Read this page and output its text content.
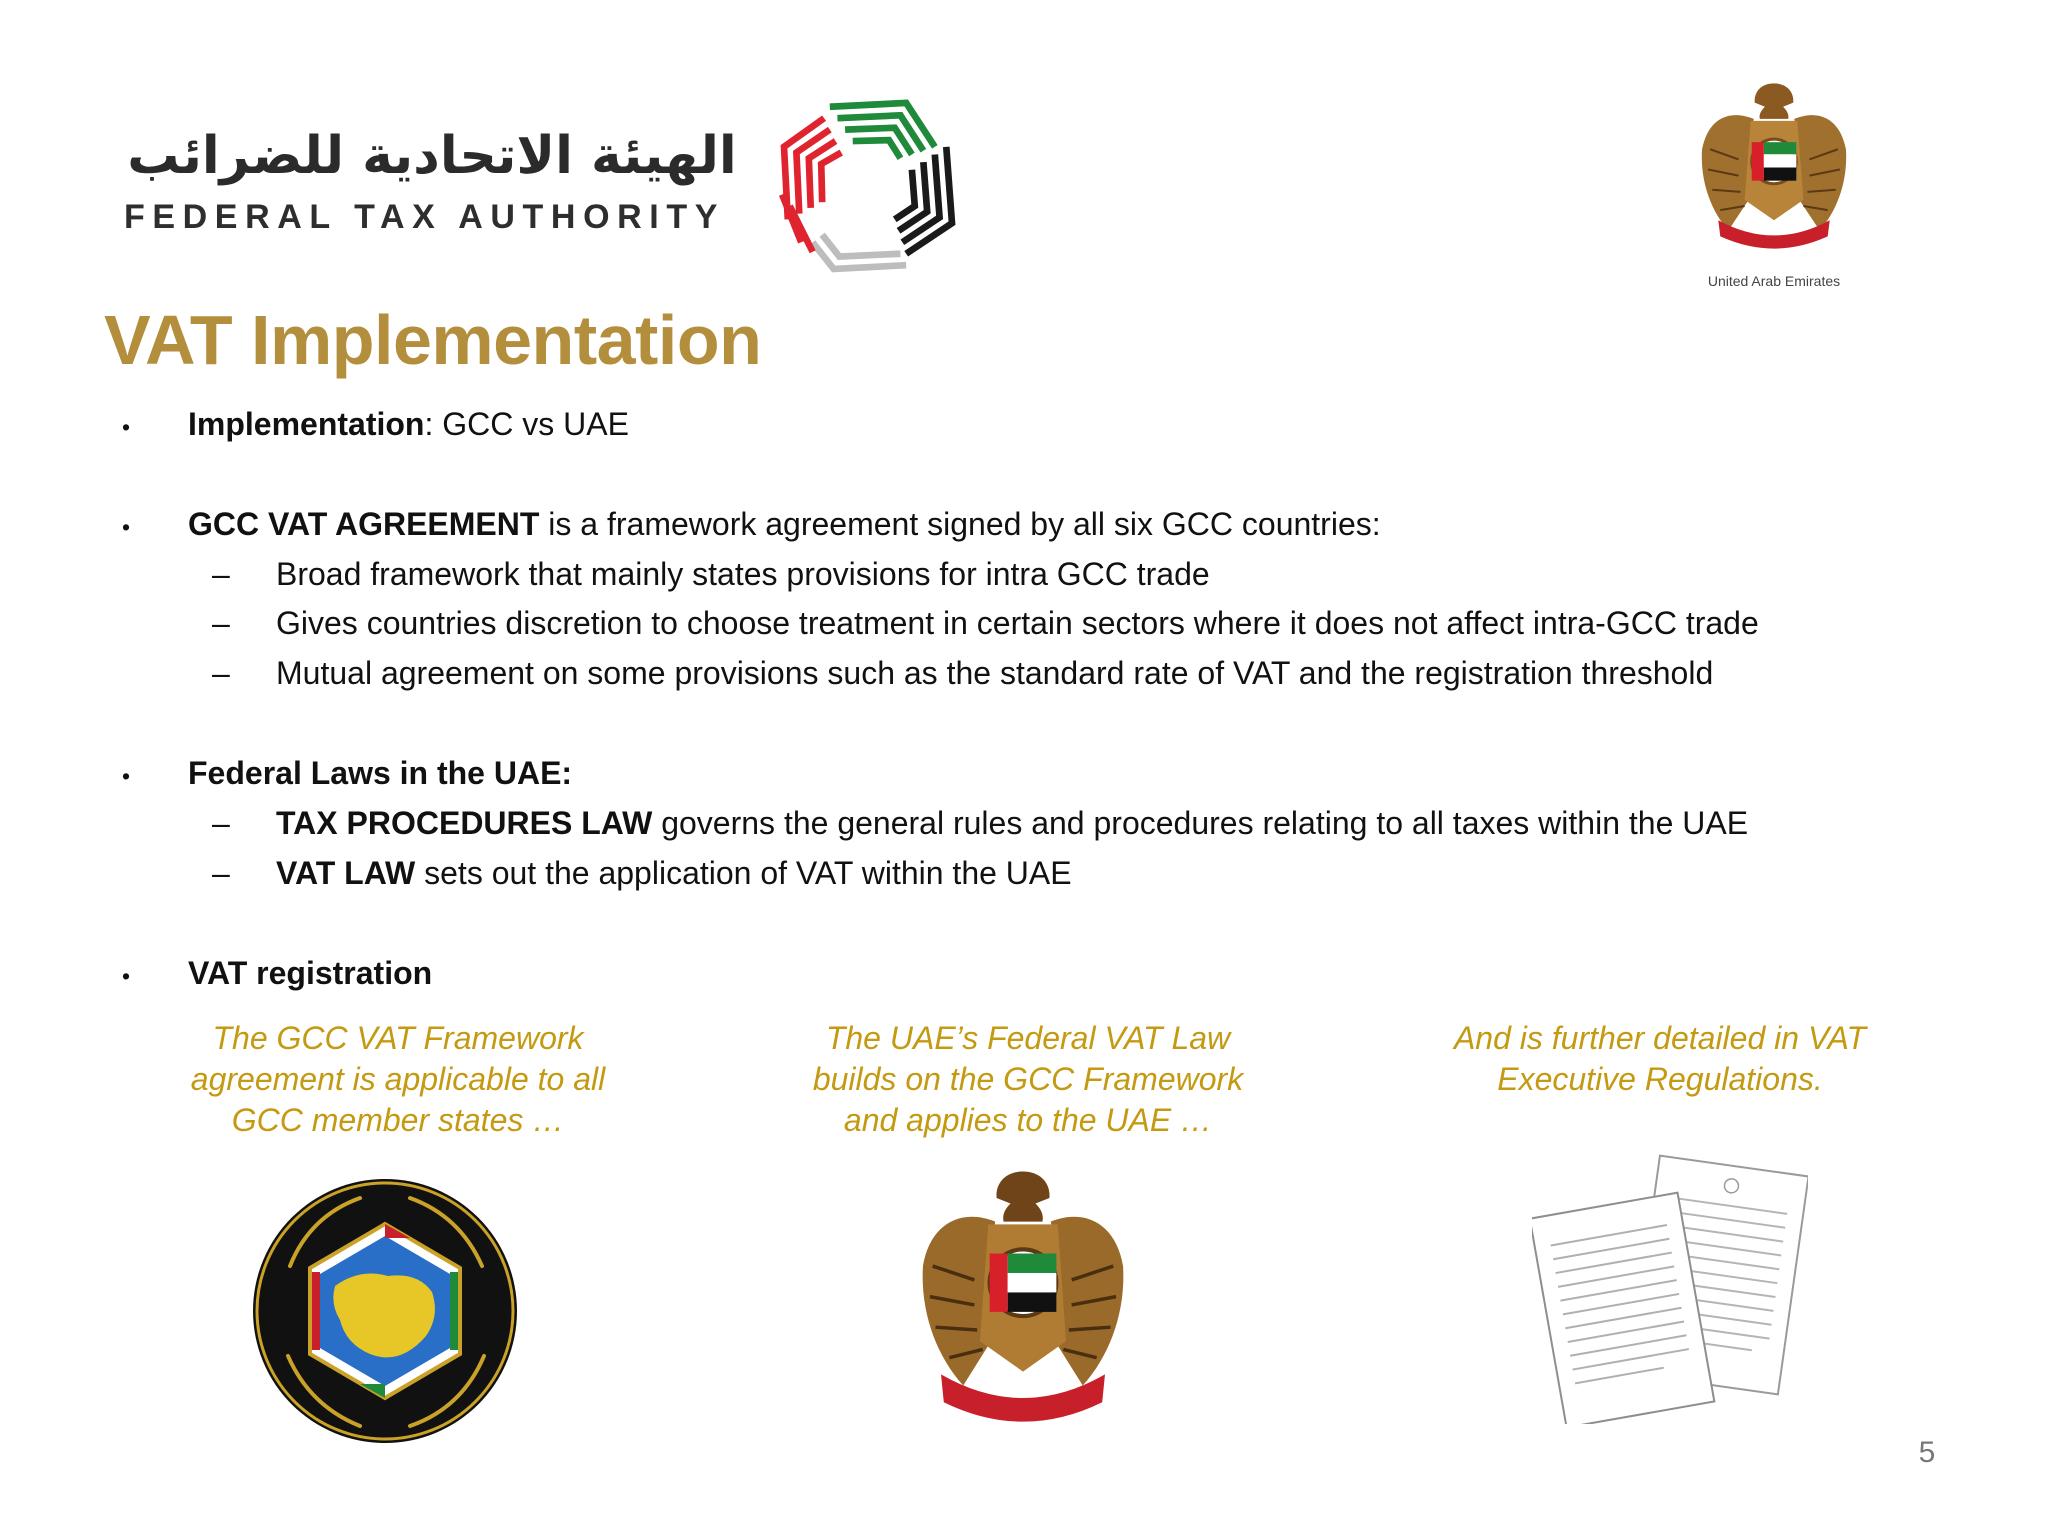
الهيئة الاتحادية للضرائب
FEDERAL TAX AUTHORITY
United Arab Emirates
VAT Implementation
• Implementation: GCC vs UAE
• GCC VAT AGREEMENT is a framework agreement signed by all six GCC countries:
– Broad framework that mainly states provisions for intra GCC trade
– Gives countries discretion to choose treatment in certain sectors where it does not affect intra-GCC trade
– Mutual agreement on some provisions such as the standard rate of VAT and the registration threshold
• Federal Laws in the UAE:
– TAX PROCEDURES LAW governs the general rules and procedures relating to all taxes within the UAE
– VAT LAW sets out the application of VAT within the UAE
• VAT registration
The GCC VAT Framework
agreement is applicable to all
GCC member states …
The UAE’s Federal VAT Law
builds on the GCC Framework
and applies to the UAE …
And is further detailed in VAT
Executive Regulations.
5
